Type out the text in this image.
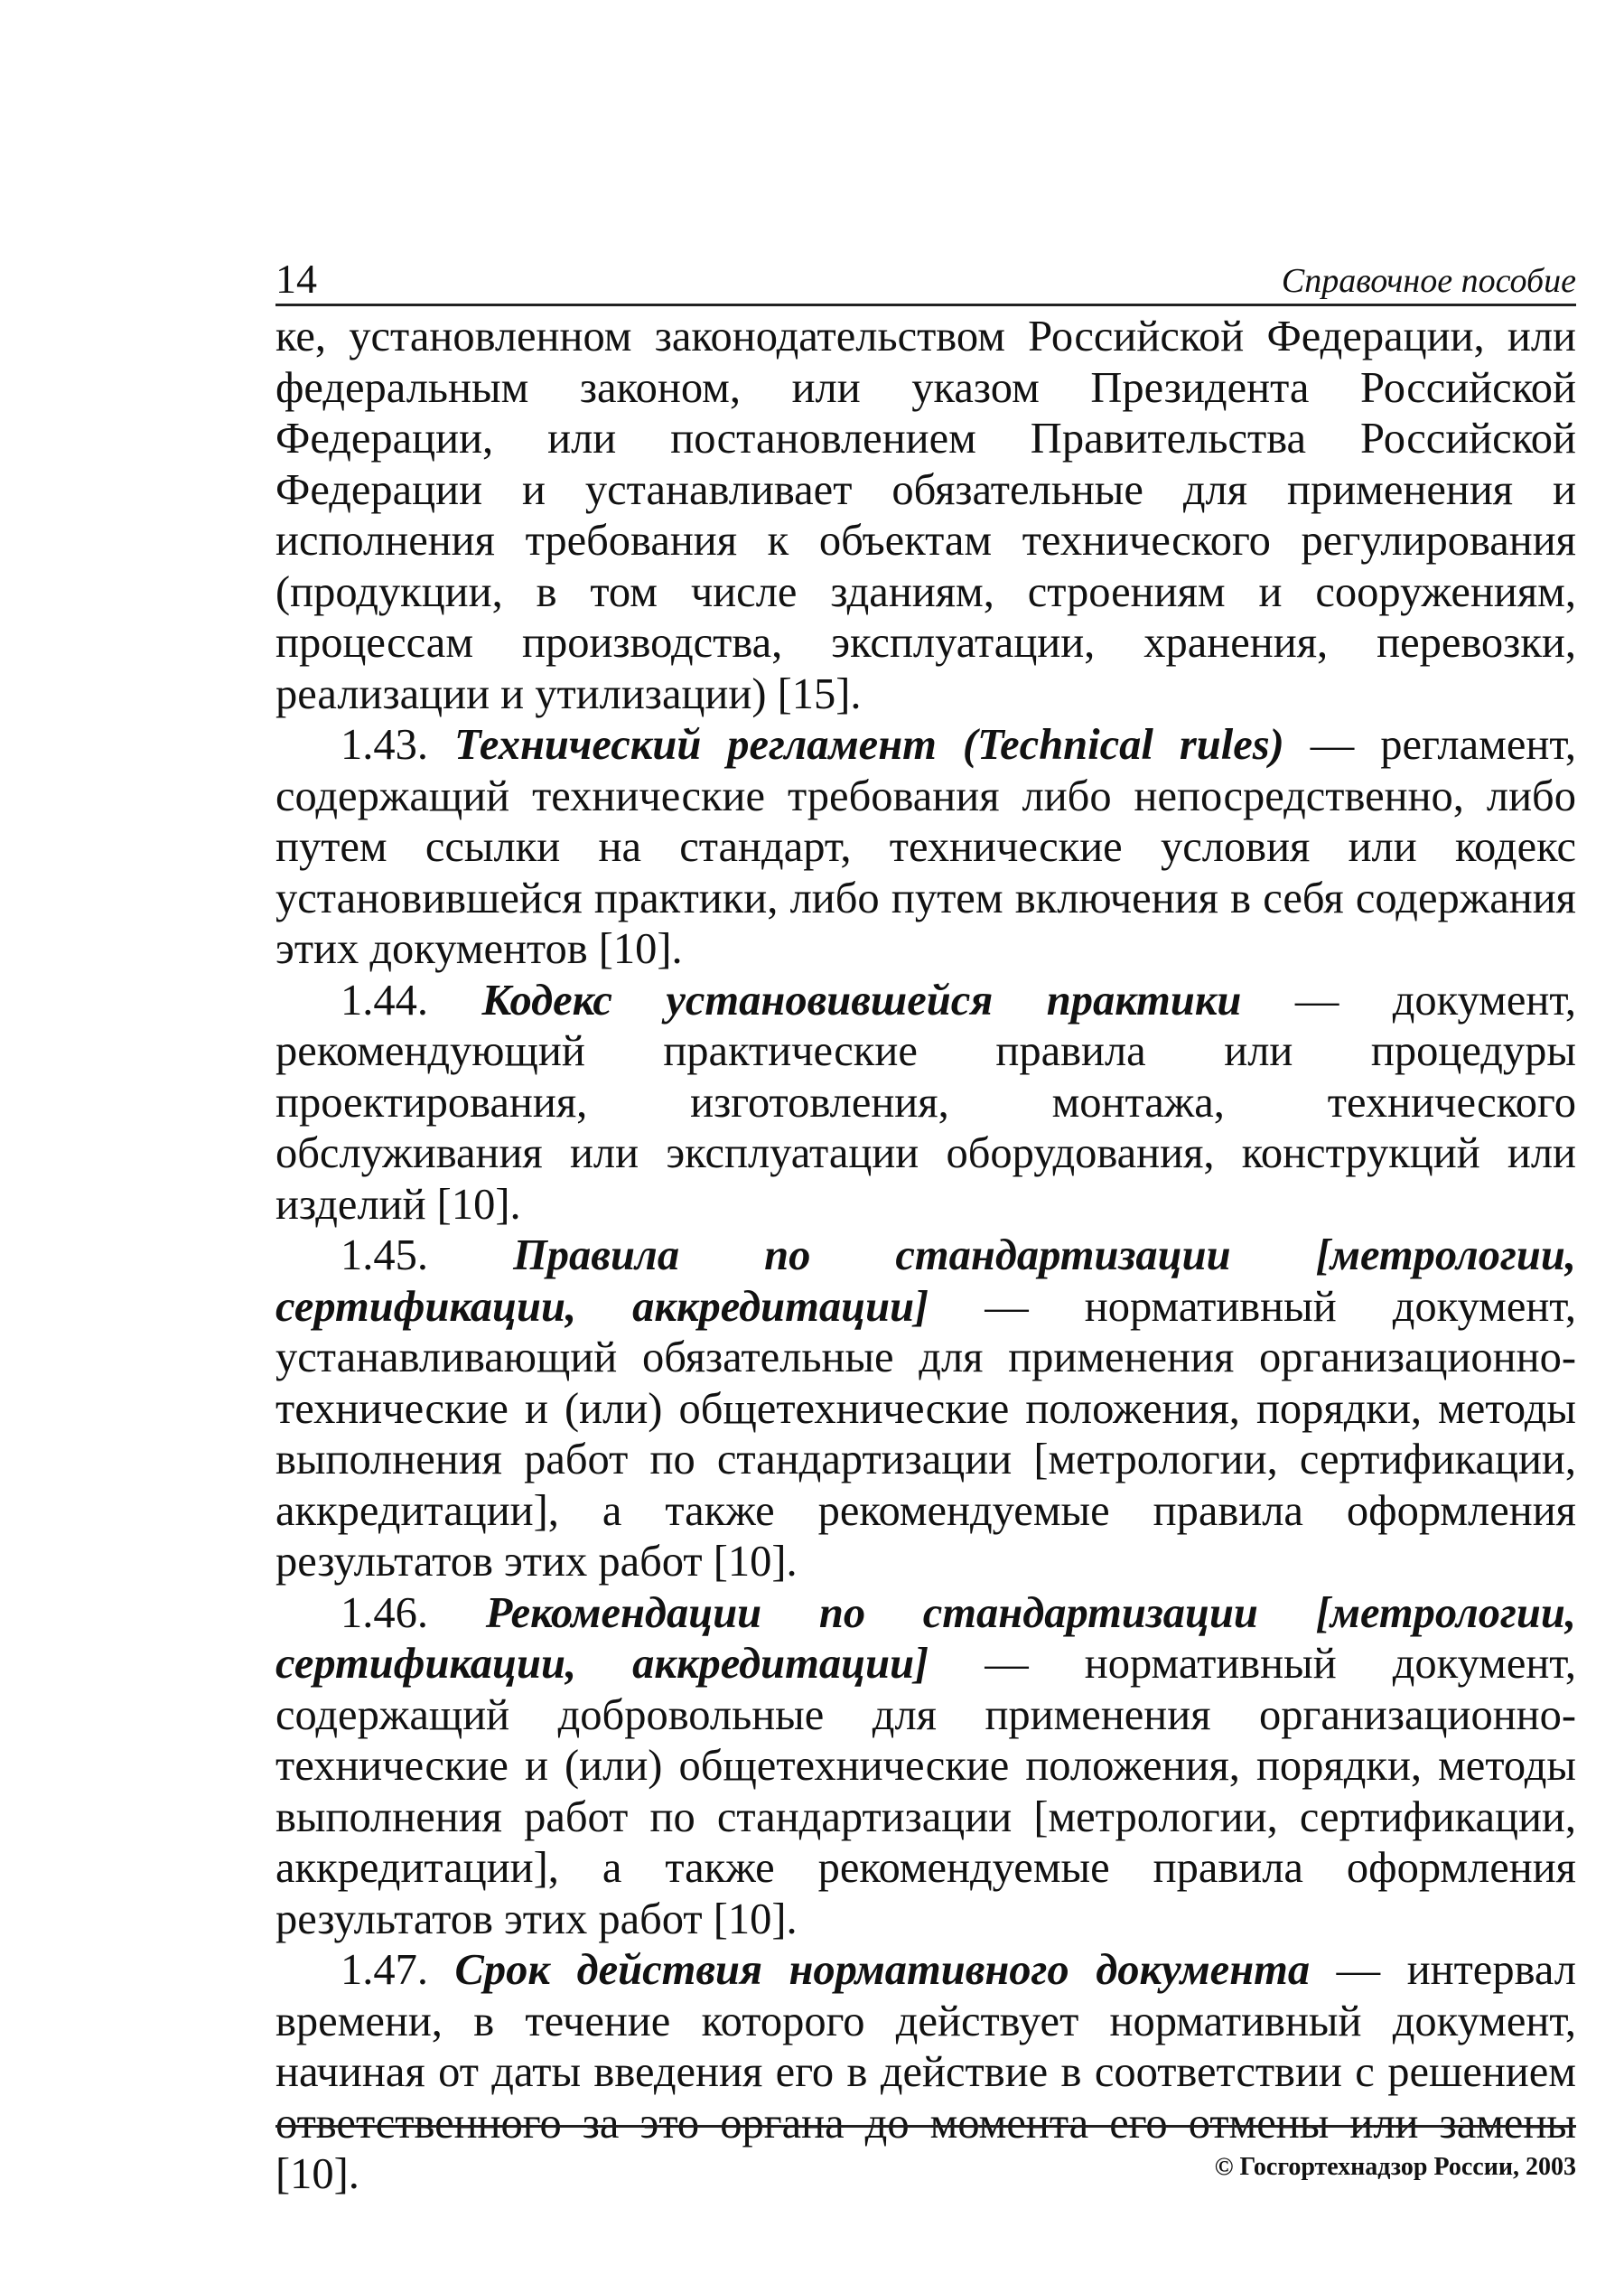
14	Справочное пособие

ке, установленном законодательством Российской Федерации, или федеральным законом, или указом Президента Российской Федерации, или постановлением Правительства Российской Федерации и устанавливает обязательные для применения и исполнения требования к объектам технического регулирования (продукции, в том числе зданиям, строениям и сооружениям, процессам производства, эксплуатации, хранения, перевозки, реализации и утилизации) [15].

1.43. Технический регламент (Technical rules) — регламент, содержащий технические требования либо непосредственно, либо путем ссылки на стандарт, технические условия или кодекс установившейся практики, либо путем включения в себя содержания этих документов [10].

1.44. Кодекс установившейся практики — документ, рекомендующий практические правила или процедуры проектирования, изготовления, монтажа, технического обслуживания или эксплуатации оборудования, конструкций или изделий [10].

1.45. Правила по стандартизации [метрологии, сертификации, аккредитации] — нормативный документ, устанавливающий обязательные для применения организационно-технические и (или) общетехнические положения, порядки, методы выполнения работ по стандартизации [метрологии, сертификации, аккредитации], а также рекомендуемые правила оформления результатов этих работ [10].

1.46. Рекомендации по стандартизации [метрологии, сертификации, аккредитации] — нормативный документ, содержащий добровольные для применения организационно-технические и (или) общетехнические положения, порядки, методы выполнения работ по стандартизации [метрологии, сертификации, аккредитации], а также рекомендуемые правила оформления результатов этих работ [10].

1.47. Срок действия нормативного документа — интервал времени, в течение которого действует нормативный документ, начиная от даты введения его в действие в соответствии с решением ответственного за это органа до момента его отмены или замены [10].	© Госгортехнадзор России, 2003
